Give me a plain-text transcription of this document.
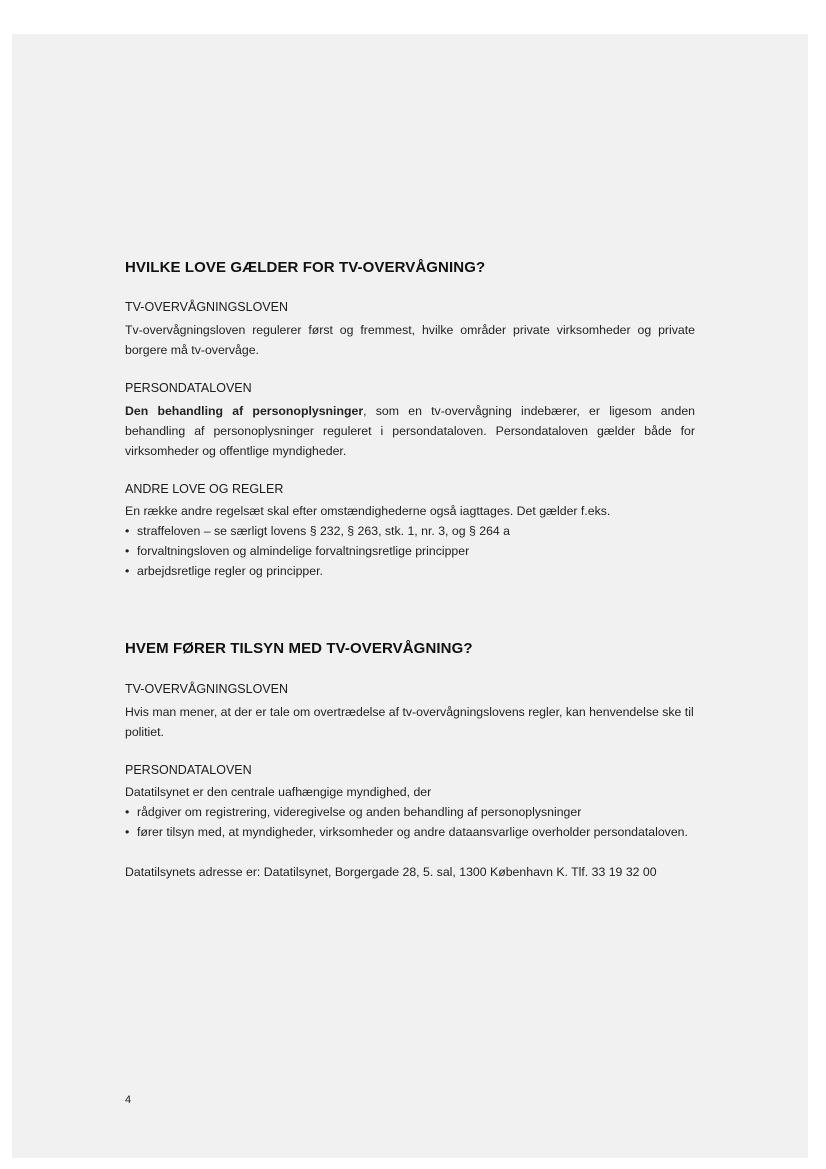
HVILKE LOVE GÆLDER FOR TV-OVERVÅGNING?
TV-OVERVÅGNINGSLOVEN
Tv-overvågningsloven regulerer først og fremmest, hvilke områder private virksomheder og private borgere må tv-overvåge.
PERSONDATALOVEN
Den behandling af personoplysninger, som en tv-overvågning indebærer, er ligesom anden behandling af personoplysninger reguleret i persondataloven. Persondataloven gælder både for virksomheder og offentlige myndigheder.
ANDRE LOVE OG REGLER
En række andre regelsæt skal efter omstændighederne også iagttages. Det gælder f.eks.
• straffeloven – se særligt lovens § 232, § 263, stk. 1, nr. 3, og § 264 a
• forvaltningsloven og almindelige forvaltningsretlige principper
• arbejdsretlige regler og principper.
HVEM FØRER TILSYN MED TV-OVERVÅGNING?
TV-OVERVÅGNINGSLOVEN
Hvis man mener, at der er tale om overtrædelse af tv-overvågningslovens regler, kan henvendelse ske til politiet.
PERSONDATALOVEN
Datatilsynet er den centrale uafhængige myndighed, der
• rådgiver om registrering, videregivelse og anden behandling af personoplysninger
• fører tilsyn med, at myndigheder, virksomheder og andre dataansvarlige overholder persondataloven.
Datatilsynets adresse er: Datatilsynet, Borgergade 28, 5. sal, 1300 København K. Tlf. 33 19 32 00
4
